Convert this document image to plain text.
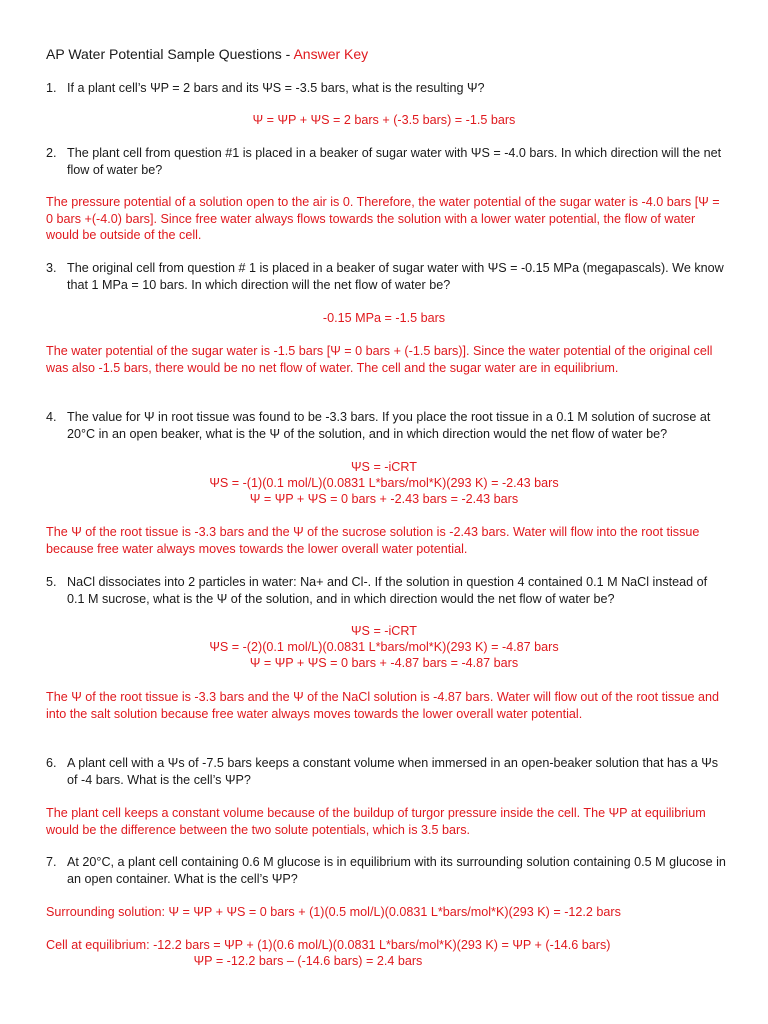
AP Water Potential Sample Questions - Answer Key
1. If a plant cell’s ΨP = 2 bars and its ΨS = -3.5 bars, what is the resulting Ψ?
Ψ = ΨP + ΨS = 2 bars + (-3.5 bars) = -1.5 bars
2. The plant cell from question #1 is placed in a beaker of sugar water with ΨS = -4.0 bars. In which direction will the net flow of water be?
The pressure potential of a solution open to the air is 0. Therefore, the water potential of the sugar water is -4.0 bars [Ψ = 0 bars +(-4.0) bars]. Since free water always flows towards the solution with a lower water potential, the flow of water would be outside of the cell.
3. The original cell from question # 1 is placed in a beaker of sugar water with ΨS = -0.15 MPa (megapascals). We know that 1 MPa = 10 bars. In which direction will the net flow of water be?
-0.15 MPa = -1.5 bars
The water potential of the sugar water is -1.5 bars [Ψ = 0 bars + (-1.5 bars)]. Since the water potential of the original cell was also -1.5 bars, there would be no net flow of water. The cell and the sugar water are in equilibrium.
4. The value for Ψ in root tissue was found to be -3.3 bars. If you place the root tissue in a 0.1 M solution of sucrose at 20°C in an open beaker, what is the Ψ of the solution, and in which direction would the net flow of water be?
ΨS = -iCRT
ΨS = -(1)(0.1 mol/L)(0.0831 L*bars/mol*K)(293 K) = -2.43 bars
Ψ = ΨP + ΨS = 0 bars + -2.43 bars = -2.43 bars
The Ψ of the root tissue is -3.3 bars and the Ψ of the sucrose solution is -2.43 bars. Water will flow into the root tissue because free water always moves towards the lower overall water potential.
5. NaCl dissociates into 2 particles in water: Na+ and Cl-. If the solution in question 4 contained 0.1 M NaCl instead of 0.1 M sucrose, what is the Ψ of the solution, and in which direction would the net flow of water be?
ΨS = -iCRT
ΨS = -(2)(0.1 mol/L)(0.0831 L*bars/mol*K)(293 K) = -4.87 bars
Ψ = ΨP + ΨS = 0 bars + -4.87 bars = -4.87 bars
The Ψ of the root tissue is -3.3 bars and the Ψ of the NaCl solution is -4.87 bars. Water will flow out of the root tissue and into the salt solution because free water always moves towards the lower overall water potential.
6. A plant cell with a Ψs of -7.5 bars keeps a constant volume when immersed in an open-beaker solution that has a Ψs of -4 bars. What is the cell’s ΨP?
The plant cell keeps a constant volume because of the buildup of turgor pressure inside the cell. The ΨP at equilibrium would be the difference between the two solute potentials, which is 3.5 bars.
7. At 20°C, a plant cell containing 0.6 M glucose is in equilibrium with its surrounding solution containing 0.5 M glucose in an open container. What is the cell’s ΨP?
Surrounding solution: Ψ = ΨP + ΨS = 0 bars + (1)(0.5 mol/L)(0.0831 L*bars/mol*K)(293 K) = -12.2 bars
Cell at equilibrium: -12.2 bars = ΨP + (1)(0.6 mol/L)(0.0831 L*bars/mol*K)(293 K) = ΨP + (-14.6 bars)
ΨP = -12.2 bars – (-14.6 bars) = 2.4 bars
